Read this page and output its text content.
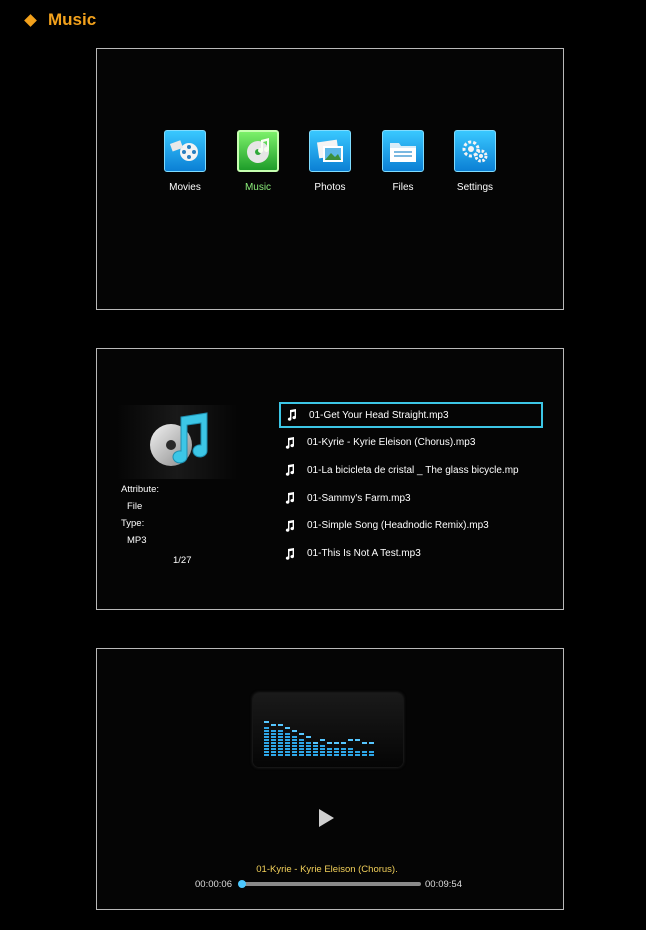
Music
Movies	Music	Photos	Files	Settings
Attribute:
File
Type:
MP3
1/27
01-Get Your Head Straight.mp3
01-Kyrie - Kyrie Eleison (Chorus).mp3
01-La bicicleta de cristal _ The glass bicycle.mp
01-Sammy's Farm.mp3
01-Simple Song (Headnodic Remix).mp3
01-This Is Not A Test.mp3
01-Kyrie - Kyrie Eleison (Chorus).
00:00:06	00:09:54
